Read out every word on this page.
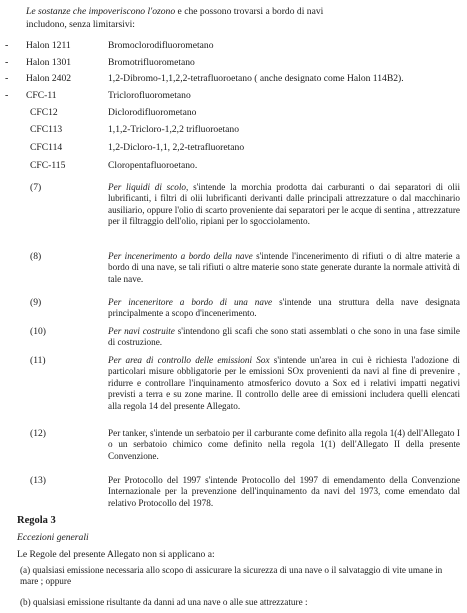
Le sostanze che impoveriscono l'ozono e che possono trovarsi a bordo di navi
includono, senza limitarsivi:
- Halon 1211	Bromoclorodifluorometano
- Halon 1301	Bromotrifluorometano
- Halon 2402	1,2-Dibromo-1,1,2,2-tetrafluoroetano ( anche designato come Halon 114B2).
- CFC-11	Triclorofluorometano
CFC12	Diclorodifluorometano
CFC113	1,1,2-Tricloro-1,2,2 trifluoroetano
CFC114	1,2-Dicloro-1,1, 2,2-tetrafluoretano
CFC-115	Cloropentafluoroetano.
(7)	Per liquidi di scolo, s'intende la morchia prodotta dai carburanti o dai separatori di olii lubrificanti, i filtri di olii lubrificanti derivanti dalle principali attrezzature o dal macchinario ausiliario, oppure l'olio di scarto proveniente dai separatori per le acque di sentina , attrezzature per il filtraggio dell'olio, ripiani per lo sgocciolamento.
(8)	Per incenerimento a bordo della nave s'intende l'incenerimento di rifiuti o di altre materie a bordo di una nave, se tali rifiuti o altre materie sono state generate durante la normale attività di tale nave.
(9)	Per inceneritore a bordo di una nave s'intende una struttura della nave designata principalmente a scopo d'incenerimento.
(10)	Per navi costruite s'intendono gli scafi che sono stati assemblati o che sono in una fase simile di costruzione.
(11)	Per area di controllo delle emissioni Sox s'intende un'area in cui è richiesta l'adozione di particolari misure obbligatorie per le emissioni SOx provenienti da navi al fine di prevenire , ridurre e controllare l'inquinamento atmosferico dovuto a Sox ed i relativi impatti negativi previsti a terra e su zone marine. Il controllo delle aree di emissioni includera quelli elencati alla regola 14 del presente Allegato.
(12)	Per tanker, s'intende un serbatoio per il carburante come definito alla regola 1(4) dell'Allegato I o un serbatoio chimico come definito nella regola 1(1) dell'Allegato II della presente Convenzione.
(13)	Per Protocollo del 1997 s'intende Protocollo del 1997 di emendamento della Convenzione Internazionale per la prevenzione dell'inquinamento da navi del 1973, come emendato dal relativo Protocollo del 1978.
Regola 3
Eccezioni generali
Le Regole del presente Allegato non si applicano a:
(a) qualsiasi emissione necessaria allo scopo di assicurare la sicurezza di una nave o il salvataggio di vite umane in mare ; oppure
(b) qualsiasi emissione risultante da danni ad una nave o alle sue attrezzature :
